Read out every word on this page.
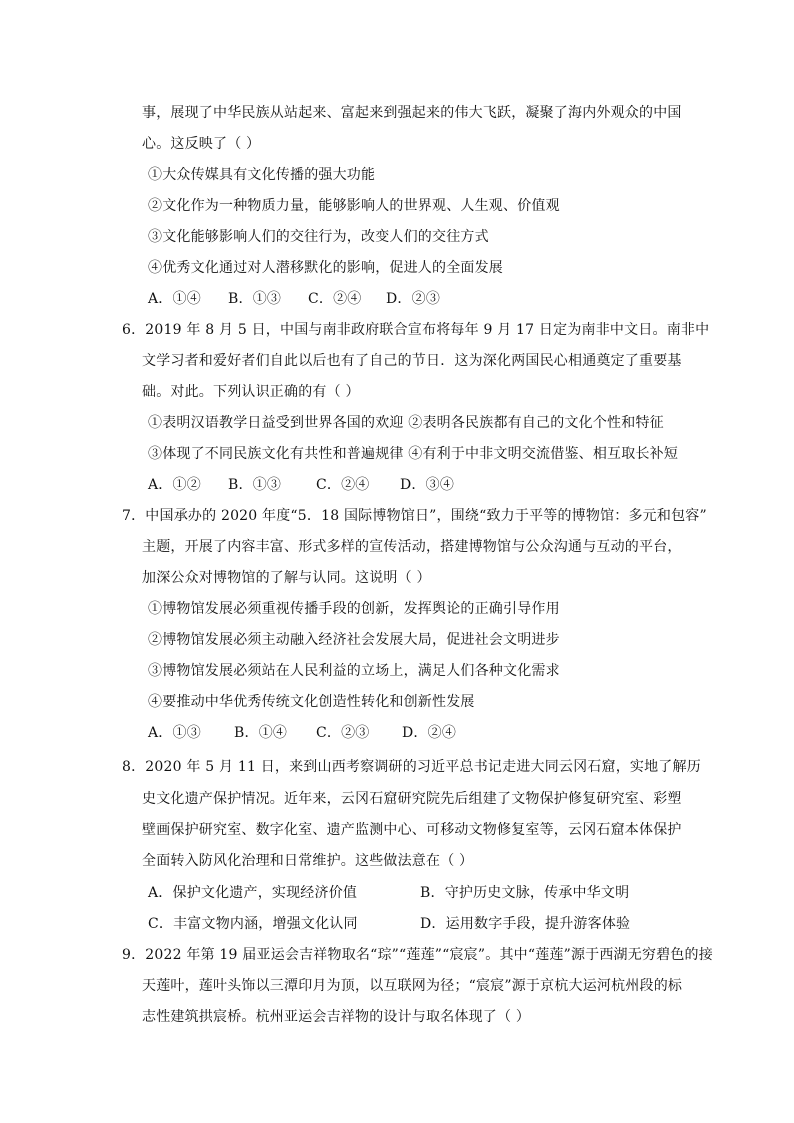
事，展现了中华民族从站起来、富起来到强起来的伟大飞跃，凝聚了海内外观众的中国
心。这反映了（ ）
①大众传媒具有文化传播的强大功能
②文化作为一种物质力量，能够影响人的世界观、人生观、价值观
③文化能够影响人们的交往行为，改变人们的交往方式
④优秀文化通过对人潜移默化的影响，促进人的全面发展
A．①④ B．①③ C．②④ D．②③
6．2019 年 8 月 5 日，中国与南非政府联合宣布将每年 9 月 17 日定为南非中文日。南非中
文学习者和爱好者们自此以后也有了自己的节日．这为深化两国民心相通奠定了重要基
础。对此。下列认识正确的有（ ）
①表明汉语教学日益受到世界各国的欢迎 ②表明各民族都有自己的文化个性和特征
③体现了不同民族文化有共性和普遍规律 ④有利于中非文明交流借鉴、相互取长补短
A．①② B．①③ C．②④ D．③④
7．中国承办的 2020 年度“5．18 国际博物馆日”，围绕“致力于平等的博物馆：多元和包容”
主题，开展了内容丰富、形式多样的宣传活动，搭建博物馆与公众沟通与互动的平台，
加深公众对博物馆的了解与认同。这说明（ ）
①博物馆发展必须重视传播手段的创新，发挥舆论的正确引导作用
②博物馆发展必须主动融入经济社会发展大局，促进社会文明进步
③博物馆发展必须站在人民利益的立场上，满足人们各种文化需求
④要推动中华优秀传统文化创造性转化和创新性发展
A．①③ B．①④ C．②③ D．②④
8．2020 年 5 月 11 日，来到山西考察调研的习近平总书记走进大同云冈石窟，实地了解历
史文化遗产保护情况。近年来，云冈石窟研究院先后组建了文物保护修复研究室、彩塑
壁画保护研究室、数字化室、遗产监测中心、可移动文物修复室等，云冈石窟本体保护
全面转入防风化治理和日常维护。这些做法意在（ ）
A．保护文化遗产，实现经济价值	B．守护历史文脉，传承中华文明
C．丰富文物内涵，增强文化认同	D．运用数字手段，提升游客体验
9．2022 年第 19 届亚运会吉祥物取名“琮”“莲莲”“宸宸”。其中“莲莲”源于西湖无穷碧色的接
天莲叶，莲叶头饰以三潭印月为顶，以互联网为径；“宸宸”源于京杭大运河杭州段的标
志性建筑拱宸桥。杭州亚运会吉祥物的设计与取名体现了（ ）
